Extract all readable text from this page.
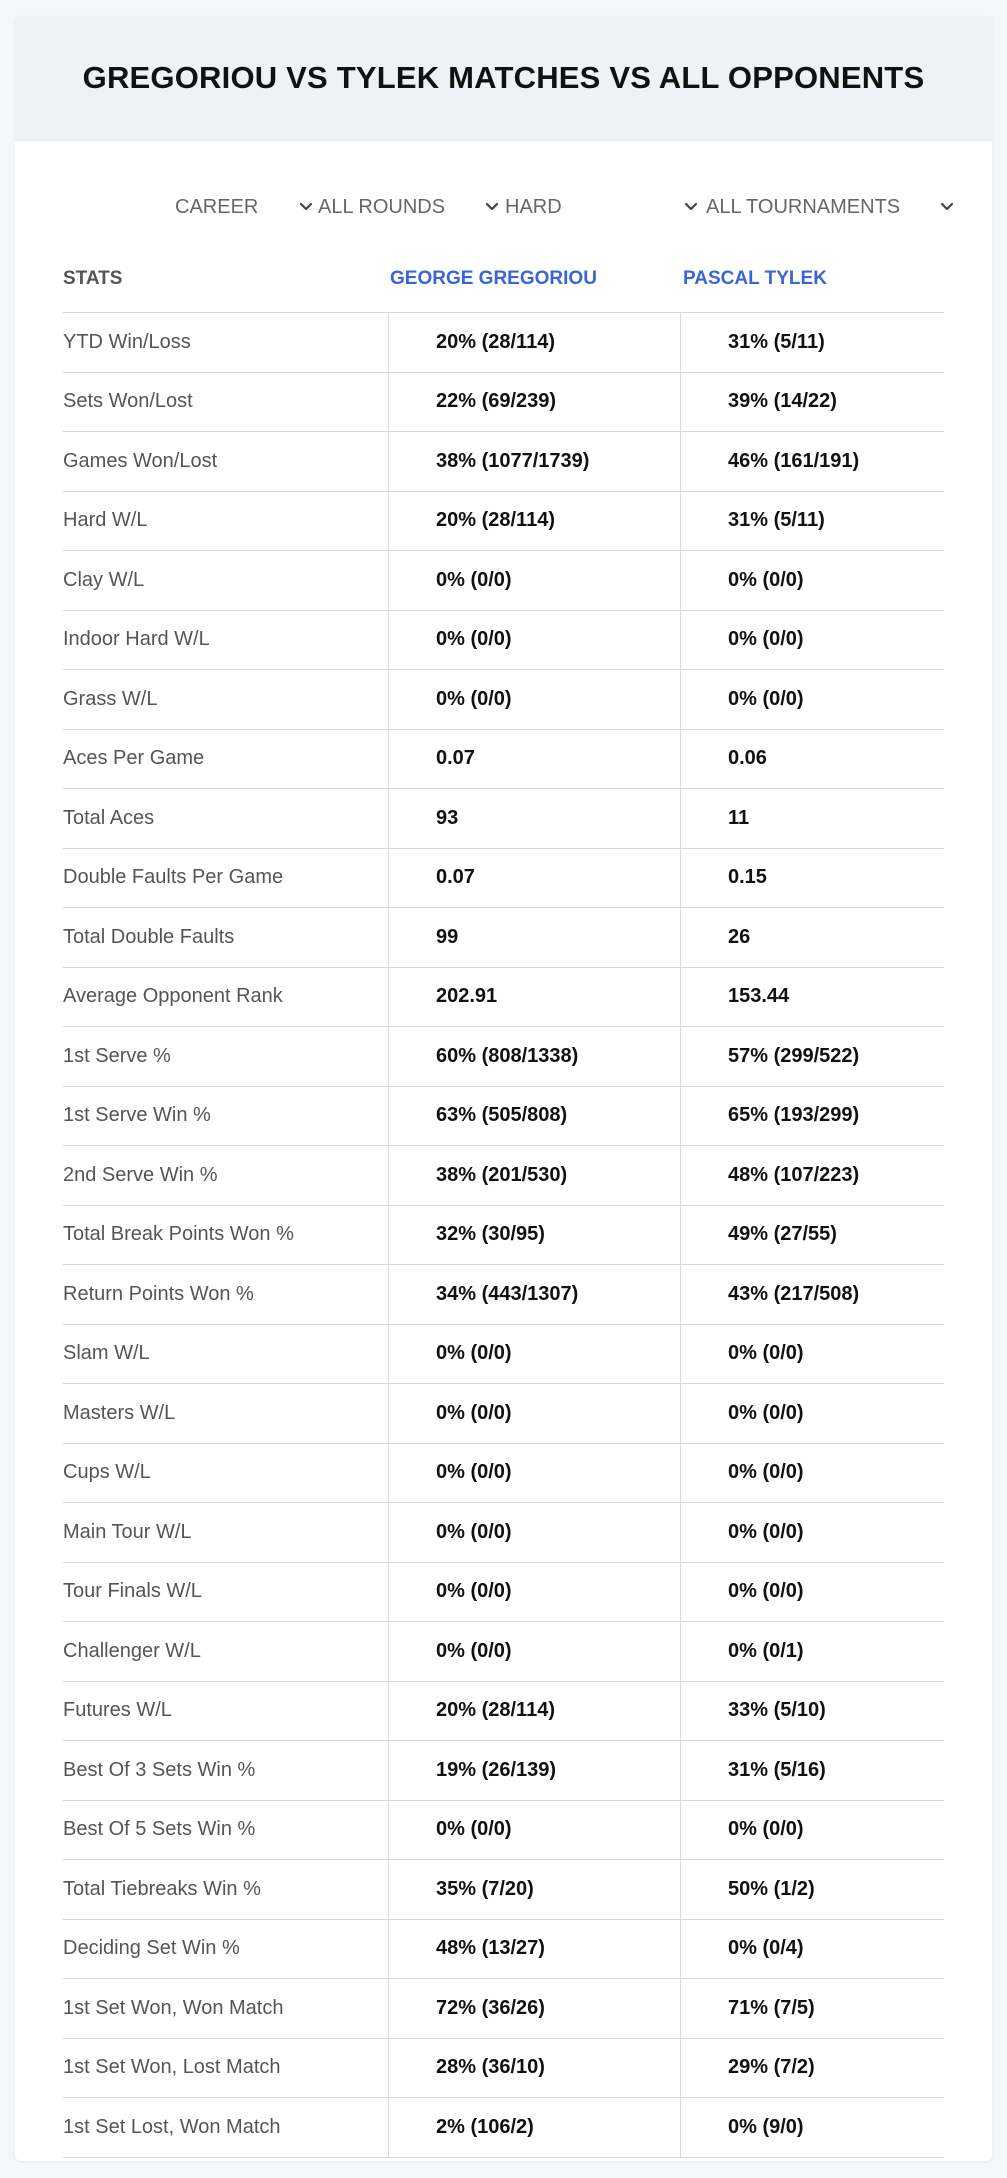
GREGORIOU VS TYLEK MATCHES VS ALL OPPONENTS
CAREER	ALL ROUNDS	HARD	ALL TOURNAMENTS
STATS	GEORGE GREGORIOU	PASCAL TYLEK
YTD Win/Loss	20% (28/114)	31% (5/11)
Sets Won/Lost	22% (69/239)	39% (14/22)
Games Won/Lost	38% (1077/1739)	46% (161/191)
Hard W/L	20% (28/114)	31% (5/11)
Clay W/L	0% (0/0)	0% (0/0)
Indoor Hard W/L	0% (0/0)	0% (0/0)
Grass W/L	0% (0/0)	0% (0/0)
Aces Per Game	0.07	0.06
Total Aces	93	11
Double Faults Per Game	0.07	0.15
Total Double Faults	99	26
Average Opponent Rank	202.91	153.44
1st Serve %	60% (808/1338)	57% (299/522)
1st Serve Win %	63% (505/808)	65% (193/299)
2nd Serve Win %	38% (201/530)	48% (107/223)
Total Break Points Won %	32% (30/95)	49% (27/55)
Return Points Won %	34% (443/1307)	43% (217/508)
Slam W/L	0% (0/0)	0% (0/0)
Masters W/L	0% (0/0)	0% (0/0)
Cups W/L	0% (0/0)	0% (0/0)
Main Tour W/L	0% (0/0)	0% (0/0)
Tour Finals W/L	0% (0/0)	0% (0/0)
Challenger W/L	0% (0/0)	0% (0/1)
Futures W/L	20% (28/114)	33% (5/10)
Best Of 3 Sets Win %	19% (26/139)	31% (5/16)
Best Of 5 Sets Win %	0% (0/0)	0% (0/0)
Total Tiebreaks Win %	35% (7/20)	50% (1/2)
Deciding Set Win %	48% (13/27)	0% (0/4)
1st Set Won, Won Match	72% (36/26)	71% (7/5)
1st Set Won, Lost Match	28% (36/10)	29% (7/2)
1st Set Lost, Won Match	2% (106/2)	0% (9/0)
